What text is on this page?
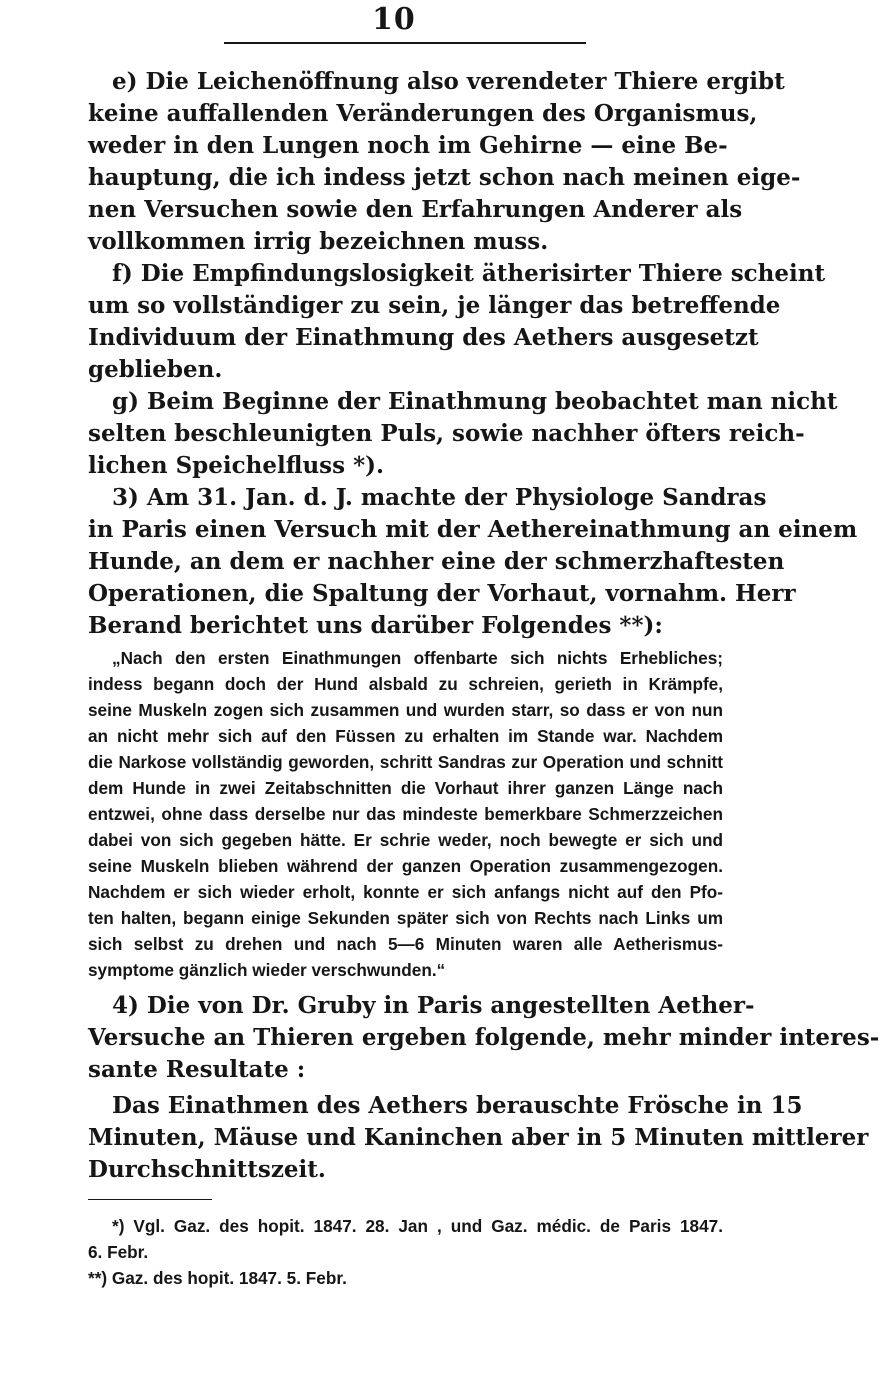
10
e) Die Leichenöffnung also verendeter Thiere ergibt
keine auffallenden Veränderungen des Organismus,
weder in den Lungen noch im Gehirne — eine Be-
hauptung, die ich indess jetzt schon nach meinen eige-
nen Versuchen sowie den Erfahrungen Anderer als
vollkommen irrig bezeichnen muss.
f) Die Empfindungslosigkeit ätherisirter Thiere scheint
um so vollständiger zu sein, je länger das betreffende
Individuum der Einathmung des Aethers ausgesetzt
geblieben.
g) Beim Beginne der Einathmung beobachtet man nicht
selten beschleunigten Puls, sowie nachher öfters reich-
lichen Speichelfluss *).
3) Am 31. Jan. d. J. machte der Physiologe Sandras
in Paris einen Versuch mit der Aethereinathmung an einem
Hunde, an dem er nachher eine der schmerzhaftesten
Operationen, die Spaltung der Vorhaut, vornahm. Herr
Berand berichtet uns darüber Folgendes **):
„Nach den ersten Einathmungen offenbarte sich nichts Erhebliches;
indess begann doch der Hund alsbald zu schreien, gerieth in Krämpfe,
seine Muskeln zogen sich zusammen und wurden starr, so dass er von nun
an nicht mehr sich auf den Füssen zu erhalten im Stande war. Nachdem
die Narkose vollständig geworden, schritt Sandras zur Operation und schnitt
dem Hunde in zwei Zeitabschnitten die Vorhaut ihrer ganzen Länge nach
entzwei, ohne dass derselbe nur das mindeste bemerkbare Schmerzzeichen
dabei von sich gegeben hätte. Er schrie weder, noch bewegte er sich und
seine Muskeln blieben während der ganzen Operation zusammengezogen.
Nachdem er sich wieder erholt, konnte er sich anfangs nicht auf den Pfo-
ten halten, begann einige Sekunden später sich von Rechts nach Links um
sich selbst zu drehen und nach 5—6 Minuten waren alle Aetherismus-
symptome gänzlich wieder verschwunden.“
4) Die von Dr. Gruby in Paris angestellten Aether-
Versuche an Thieren ergeben folgende, mehr minder interes-
sante Resultate :
Das Einathmen des Aethers berauschte Frösche in 15
Minuten, Mäuse und Kaninchen aber in 5 Minuten mittlerer
Durchschnittszeit.
*) Vgl. Gaz. des hopit. 1847. 28. Jan , und Gaz. médic. de Paris 1847.
6. Febr.
**) Gaz. des hopit. 1847. 5. Febr.
